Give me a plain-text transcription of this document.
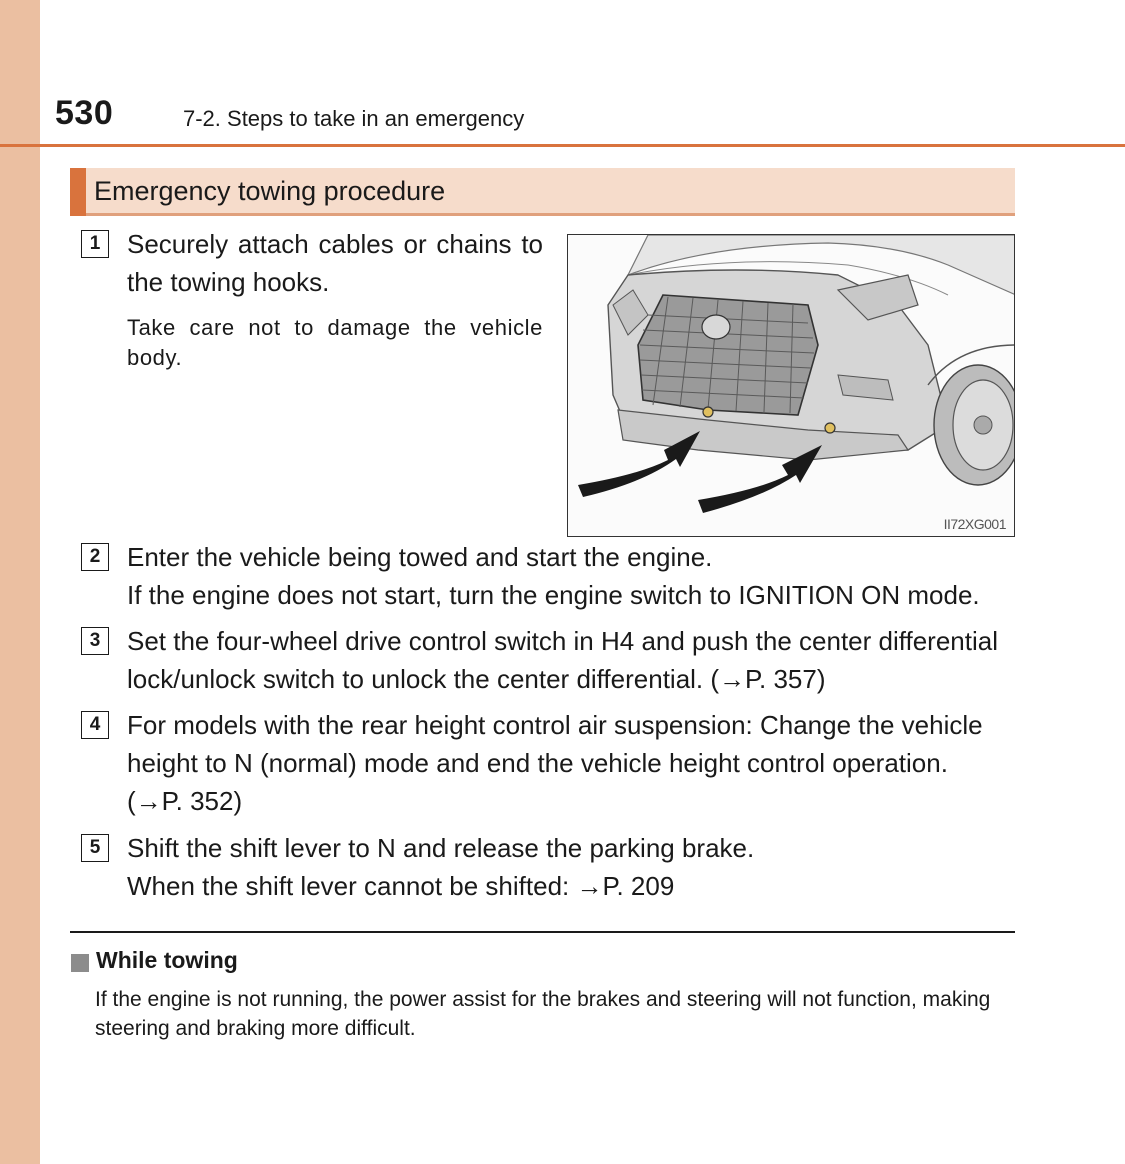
530	7-2. Steps to take in an emergency
Emergency towing procedure
1	Securely attach cables or chains to the towing hooks.
Take care not to damage the vehicle body.
II72XG001
2	Enter the vehicle being towed and start the engine.
If the engine does not start, turn the engine switch to IGNITION ON mode.
3	Set the four-wheel drive control switch in H4 and push the center differential
lock/unlock switch to unlock the center differential. (→P. 357)
4	For models with the rear height control air suspension: Change the vehicle
height to N (normal) mode and end the vehicle height control operation.
(→P. 352)
5	Shift the shift lever to N and release the parking brake.
When the shift lever cannot be shifted: →P. 209
While towing
If the engine is not running, the power assist for the brakes and steering will not function, making steering and braking more difficult.
